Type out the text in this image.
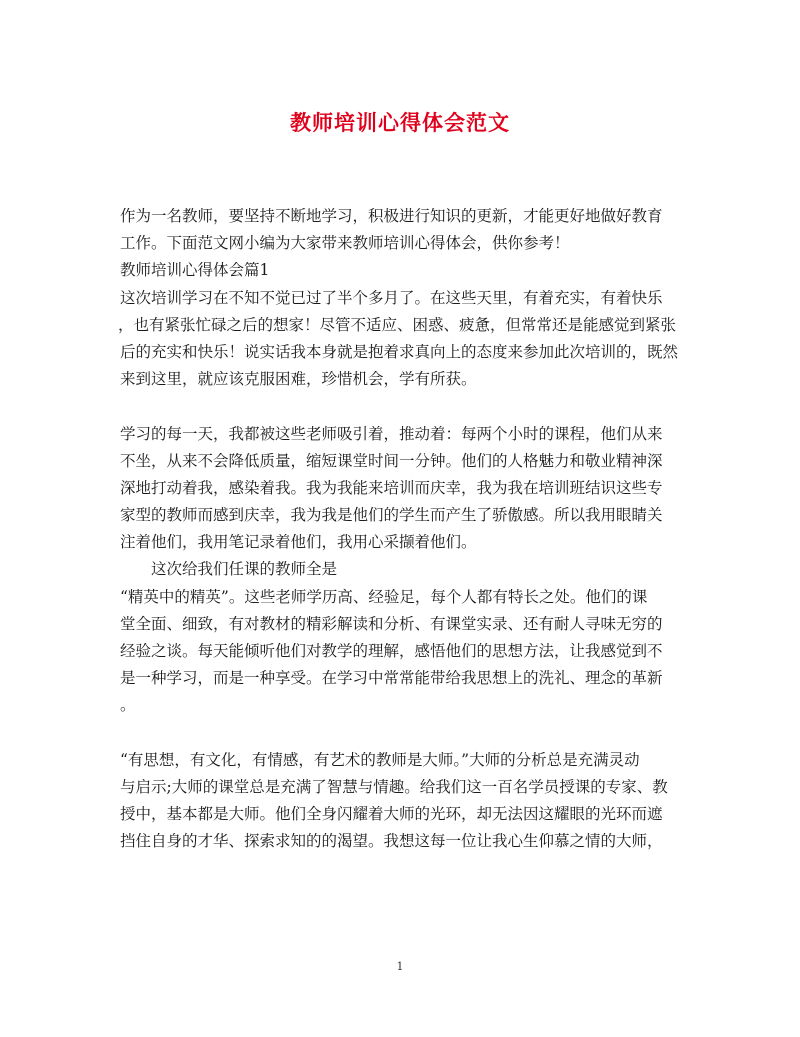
教师培训心得体会范文
作为一名教师，要坚持不断地学习，积极进行知识的更新，才能更好地做好教育
工作。下面范文网小编为大家带来教师培训心得体会，供你参考！
教师培训心得体会篇1
这次培训学习在不知不觉已过了半个多月了。在这些天里，有着充实，有着快乐
，也有紧张忙碌之后的想家！尽管不适应、困惑、疲惫，但常常还是能感觉到紧张
后的充实和快乐！说实话我本身就是抱着求真向上的态度来参加此次培训的，既然
来到这里，就应该克服困难，珍惜机会，学有所获。
学习的每一天，我都被这些老师吸引着，推动着：每两个小时的课程，他们从来
不坐，从来不会降低质量，缩短课堂时间一分钟。他们的人格魅力和敬业精神深
深地打动着我，感染着我。我为我能来培训而庆幸，我为我在培训班结识这些专
家型的教师而感到庆幸，我为我是他们的学生而产生了骄傲感。所以我用眼睛关
注着他们，我用笔记录着他们，我用心采撷着他们。
这次给我们任课的教师全是
“精英中的精英”。这些老师学历高、经验足，每个人都有特长之处。他们的课
堂全面、细致，有对教材的精彩解读和分析、有课堂实录、还有耐人寻味无穷的
经验之谈。每天能倾听他们对教学的理解，感悟他们的思想方法，让我感觉到不
是一种学习，而是一种享受。在学习中常常能带给我思想上的洗礼、理念的革新
。
“有思想，有文化，有情感，有艺术的教师是大师。”大师的分析总是充满灵动
与启示;大师的课堂总是充满了智慧与情趣。给我们这一百名学员授课的专家、教
授中，基本都是大师。他们全身闪耀着大师的光环，却无法因这耀眼的光环而遮
挡住自身的才华、探索求知的的渴望。我想这每一位让我心生仰慕之情的大师，
1
